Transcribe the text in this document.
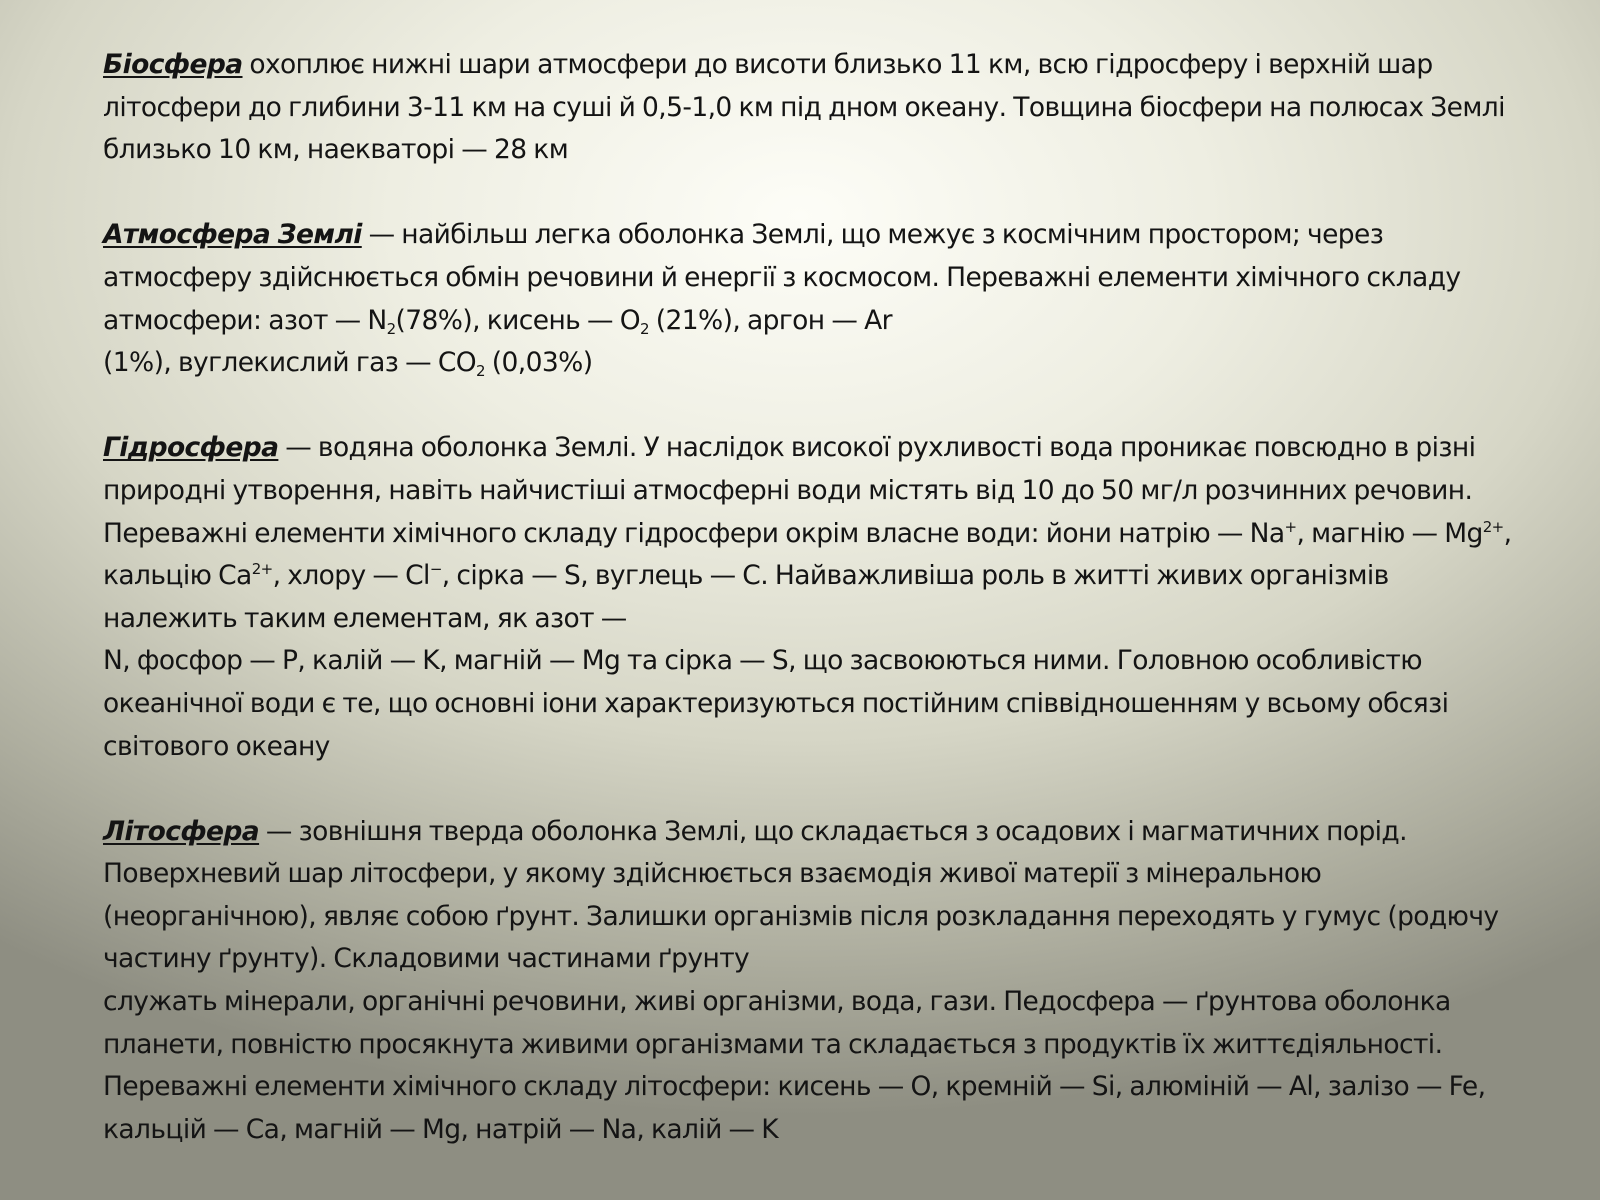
Біосфера охоплює нижні шари атмосфери до висоти близько 11 км, всю гідросферу і верхній шар літосфери до глибини 3-11 км на суші й 0,5-1,0 км під дном океану. Товщина біосфери на полюсах Землі близько 10 км, наекваторі — 28 км

Атмосфера Землі — найбільш легка оболонка Землі, що межує з космічним простором; через атмосферу здійснюється обмін речовини й енергії з космосом. Переважні елементи хімічного складу атмосфери: азот — $N_2(78\%)$, кисень — $O_2$ (21%), аргон — Ar
(1%), вуглекислий газ — $CO_2$ (0,03%)

Гідросфера — водяна оболонка Землі. У наслідок високої рухливості вода проникає повсюдно в різні природні утворення, навіть найчистіші атмосферні води містять від 10 до 50 мг/л розчинних речовин. Переважні елементи хімічного складу гідросфери окрім власне води: йони натрію — Na+, магнію — $Mg^{2+}$, кальцію $Ca^{2+}$, хлору — Cl−, сірка — S, вуглець — C. Найважливіша роль в житті живих організмів належить таким елементам, як азот —
N, фосфор — P, калій — K, магній — Mg та сірка — S, що засвоюються ними. Головною особливістю океанічної води є те, що основні іони характеризуються постійним співвідношенням у всьому обсязі світового океану

Літосфера — зовнішня тверда оболонка Землі, що складається з осадових і магматичних порід. Поверхневий шар літосфери, у якому здійснюється взаємодія живої матерії з мінеральною (неорганічною), являє собою ґрунт. Залишки організмів після розкладання переходять у гумус (родючу частину ґрунту). Складовими частинами ґрунту
служать мінерали, органічні речовини, живі організми, вода, гази. Педосфера — ґрунтова оболонка планети, повністю просякнута живими організмами та складається з продуктів їх життєдіяльності. Переважні елементи хімічного складу літосфери: кисень — O, кремній — Si, алюміній — Al, залізо — Fe, кальцій — Ca, магній — Mg, натрій — Na, калій — K
